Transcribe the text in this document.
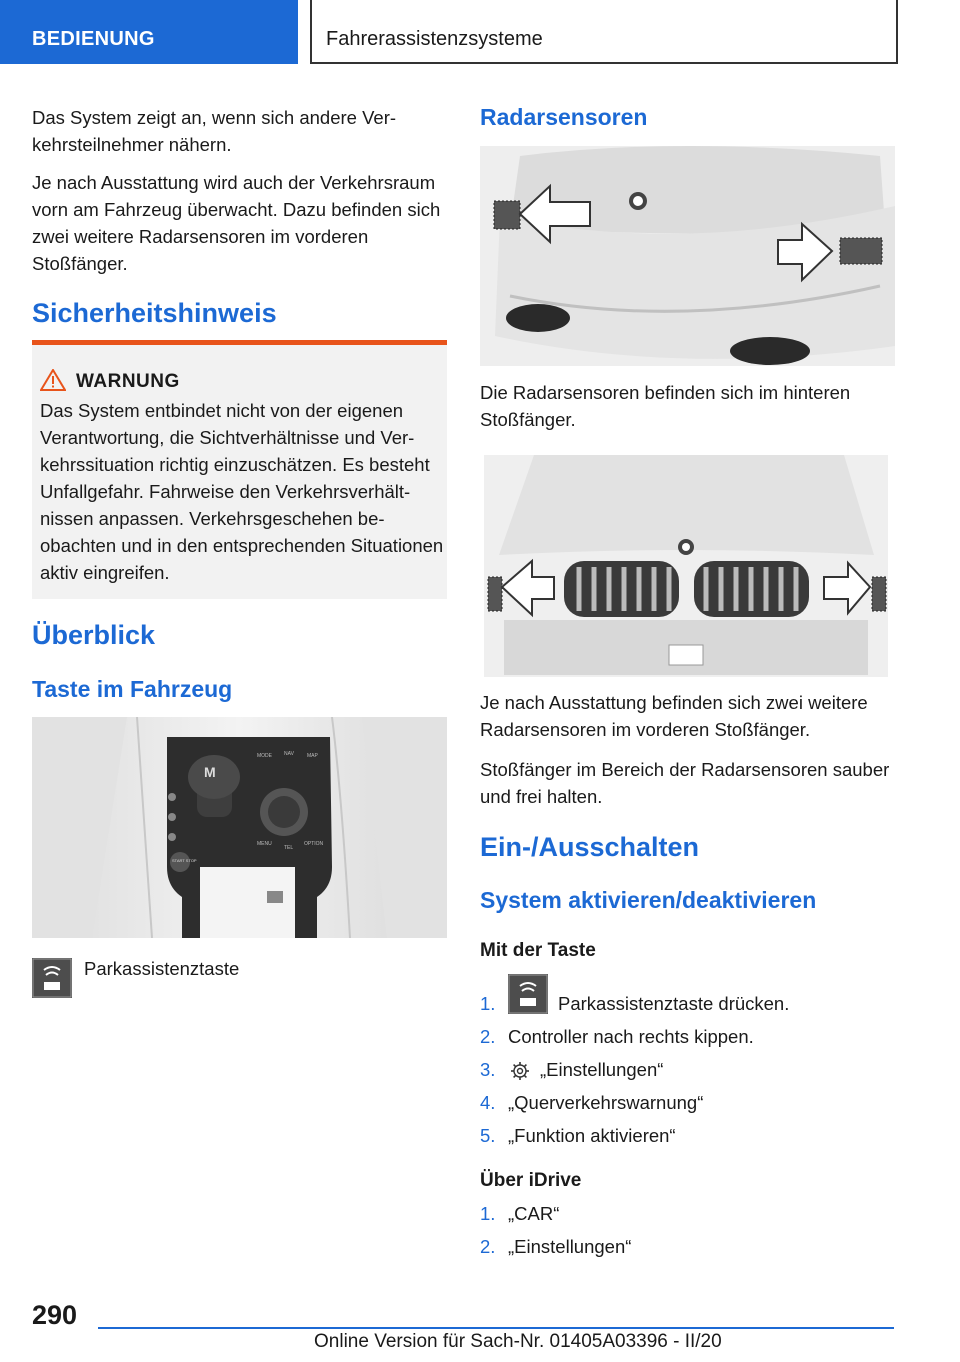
BEDIENUNG	Fahrerassistenzsysteme

Das System zeigt an, wenn sich andere Verkehrsteilnehmer nähern.

Je nach Ausstattung wird auch der Verkehrsraum vorn am Fahrzeug überwacht. Dazu befinden sich zwei weitere Radarsensoren im vorderen Stoßfänger.

Sicherheitshinweis
WARNUNG
Das System entbindet nicht von der eigenen Verantwortung, die Sichtverhältnisse und Verkehrssituation richtig einzuschätzen. Es besteht Unfallgefahr. Fahrweise den Verkehrsverhältnissen anpassen. Verkehrsgeschehen beobachten und in den entsprechenden Situationen aktiv eingreifen.
Überblick
Taste im Fahrzeug
M
MODE NAV	MAP
MENU
TEL
OPTION
START STOP

Parkassistenztaste

Radarsensoren

Die Radarsensoren befinden sich im hinteren Stoßfänger.

Je nach Ausstattung befinden sich zwei weitere Radarsensoren im vorderen Stoßfänger.

Stoßfänger im Bereich der Radarsensoren sauber und frei halten.

Ein-/Ausschalten
System aktivieren/deaktivieren
Mit der Taste
1.	Parkassistenztaste drücken.
2. Controller nach rechts kippen.
3. „Einstellungen“
4. „Querverkehrswarnung“
5. „Funktion aktivieren“
Über iDrive
1. „CAR“
2. „Einstellungen“
290
Online Version für Sach-Nr. 01405A03396 - II/20
